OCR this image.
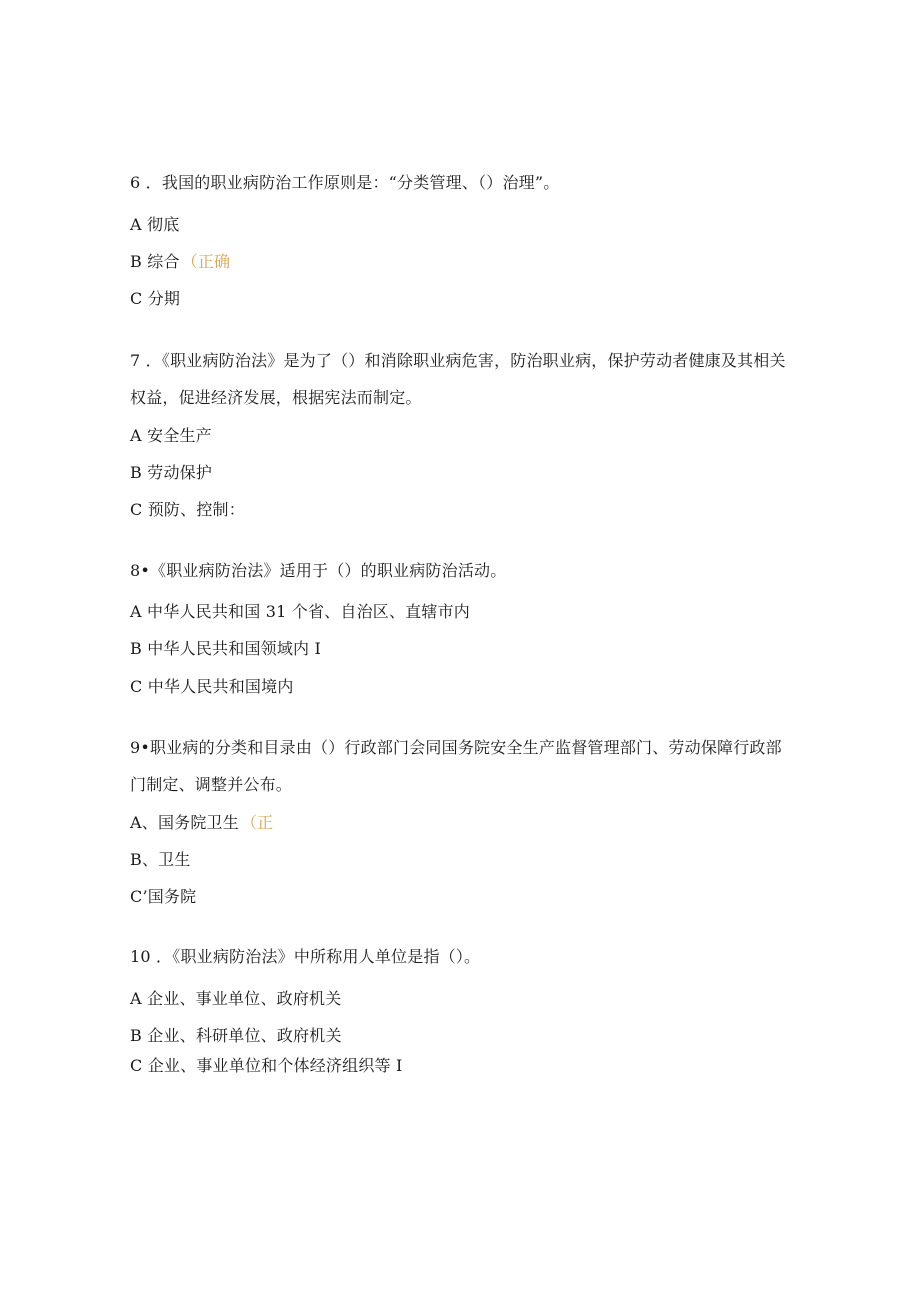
6 ．我国的职业病防治工作原则是：“分类管理、（）治理”。
A 彻底
B 综合 （正确
C 分期
7 ．《职业病防治法》是为了（）和消除职业病危害，防治职业病，保护劳动者健康及其相关权益，促进经济发展，根据宪法而制定。
A 安全生产
B 劳动保护
C 预防、控制：
8•《职业病防治法》适用于（）的职业病防治活动。
A 中华人民共和国 31 个省、自治区、直辖市内
B 中华人民共和国领域内 I
C 中华人民共和国境内
9•职业病的分类和目录由（）行政部门会同国务院安全生产监督管理部门、劳动保障行政部门制定、调整并公布。
A、国务院卫生 （正
B、卫生
C’国务院
10 ．《职业病防治法》中所称用人单位是指（）。
A 企业、事业单位、政府机关
B 企业、科研单位、政府机关
C 企业、事业单位和个体经济组织等 I
